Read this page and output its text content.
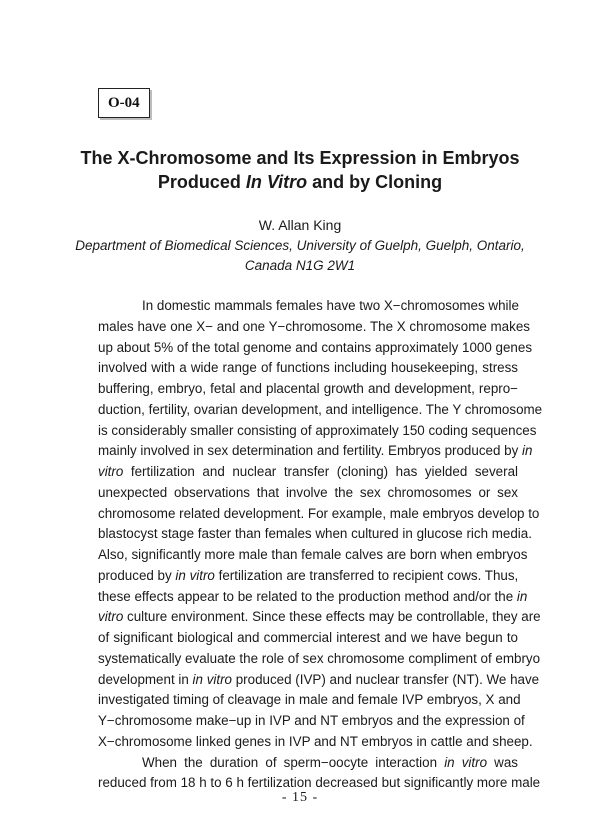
O-04
The X-Chromosome and Its Expression in Embryos
Produced In Vitro and by Cloning
W. Allan King
Department of Biomedical Sciences, University of Guelph, Guelph, Ontario,
Canada N1G 2W1
In domestic mammals females have two X−chromosomes while
males have one X− and one Y−chromosome. The X chromosome makes
up about 5% of the total genome and contains approximately 1000 genes
involved with a wide range of functions including housekeeping, stress
buffering, embryo, fetal and placental growth and development, repro−
duction, fertility, ovarian development, and intelligence. The Y chromosome
is considerably smaller consisting of approximately 150 coding sequences
mainly involved in sex determination and fertility. Embryos produced by in
vitro fertilization and nuclear transfer (cloning) has yielded several
unexpected observations that involve the sex chromosomes or sex
chromosome related development. For example, male embryos develop to
blastocyst stage faster than females when cultured in glucose rich media.
Also, significantly more male than female calves are born when embryos
produced by in vitro fertilization are transferred to recipient cows. Thus,
these effects appear to be related to the production method and/or the in
vitro culture environment. Since these effects may be controllable, they are
of significant biological and commercial interest and we have begun to
systematically evaluate the role of sex chromosome compliment of embryo
development in in vitro produced (IVP) and nuclear transfer (NT). We have
investigated timing of cleavage in male and female IVP embryos, X and
Y−chromosome make−up in IVP and NT embryos and the expression of
X−chromosome linked genes in IVP and NT embryos in cattle and sheep.
When the duration of sperm−oocyte interaction in vitro was
reduced from 18 h to 6 h fertilization decreased but significantly more male
- 15 -
